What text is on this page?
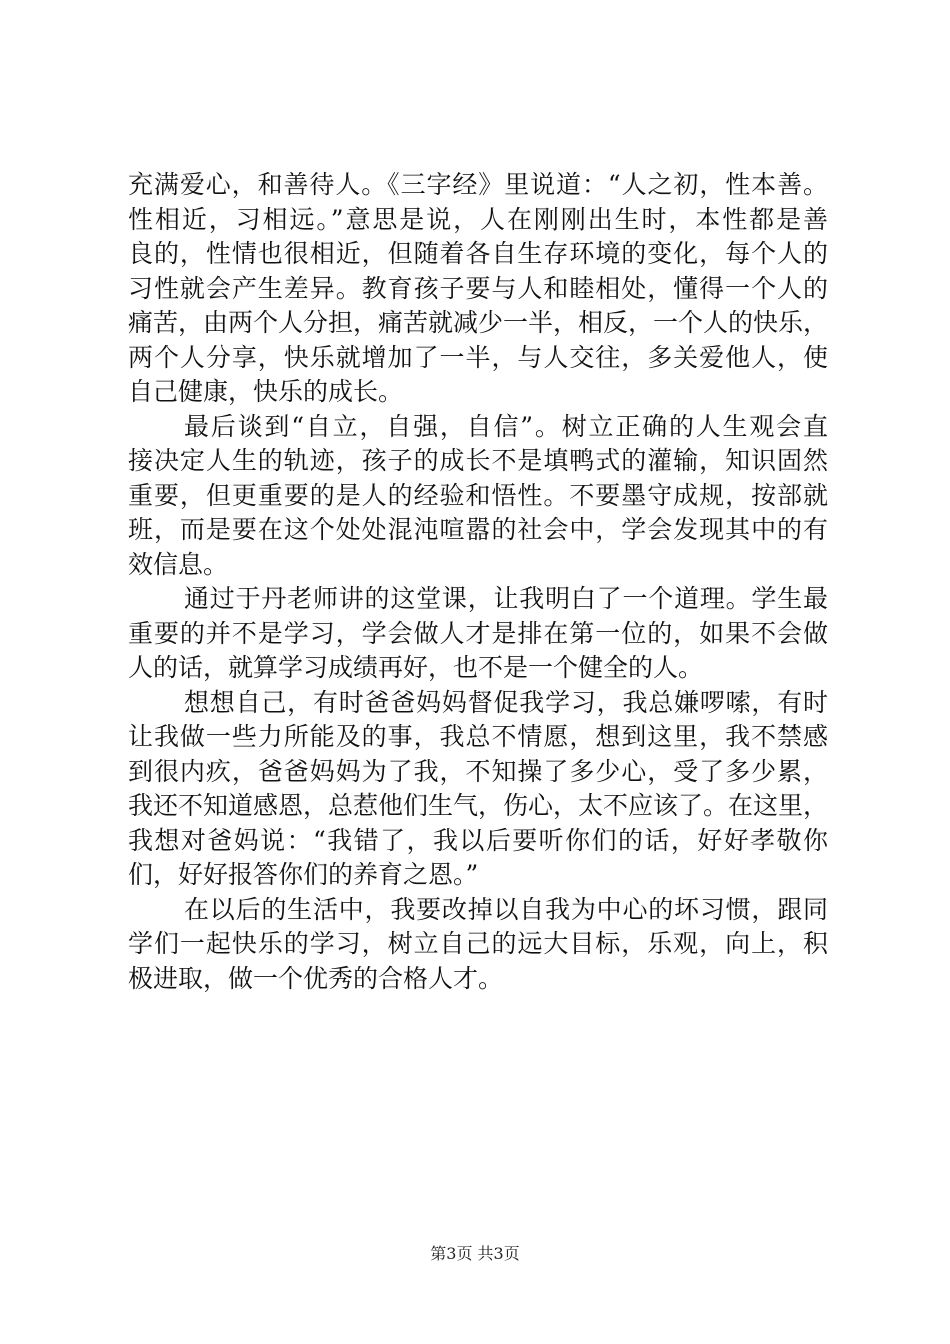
充满爱心，和善待人。《三字经》里说道：“人之初，性本善。
性相近，习相远。”意思是说，人在刚刚出生时，本性都是善
良的，性情也很相近，但随着各自生存环境的变化，每个人的
习性就会产生差异。教育孩子要与人和睦相处，懂得一个人的
痛苦，由两个人分担，痛苦就减少一半，相反，一个人的快乐，
两个人分享，快乐就增加了一半，与人交往，多关爱他人，使
自己健康，快乐的成长。
最后谈到“自立，自强，自信”。树立正确的人生观会直
接决定人生的轨迹，孩子的成长不是填鸭式的灌输，知识固然
重要，但更重要的是人的经验和悟性。不要墨守成规，按部就
班，而是要在这个处处混沌喧嚣的社会中，学会发现其中的有
效信息。
通过于丹老师讲的这堂课，让我明白了一个道理。学生最
重要的并不是学习，学会做人才是排在第一位的，如果不会做
人的话，就算学习成绩再好，也不是一个健全的人。
想想自己，有时爸爸妈妈督促我学习，我总嫌啰嗦，有时
让我做一些力所能及的事，我总不情愿，想到这里，我不禁感
到很内疚，爸爸妈妈为了我，不知操了多少心，受了多少累，
我还不知道感恩，总惹他们生气，伤心，太不应该了。在这里，
我想对爸妈说：“我错了，我以后要听你们的话，好好孝敬你
们，好好报答你们的养育之恩。”
在以后的生活中，我要改掉以自我为中心的坏习惯，跟同
学们一起快乐的学习，树立自己的远大目标，乐观，向上，积
极进取，做一个优秀的合格人才。
第3页 共3页
